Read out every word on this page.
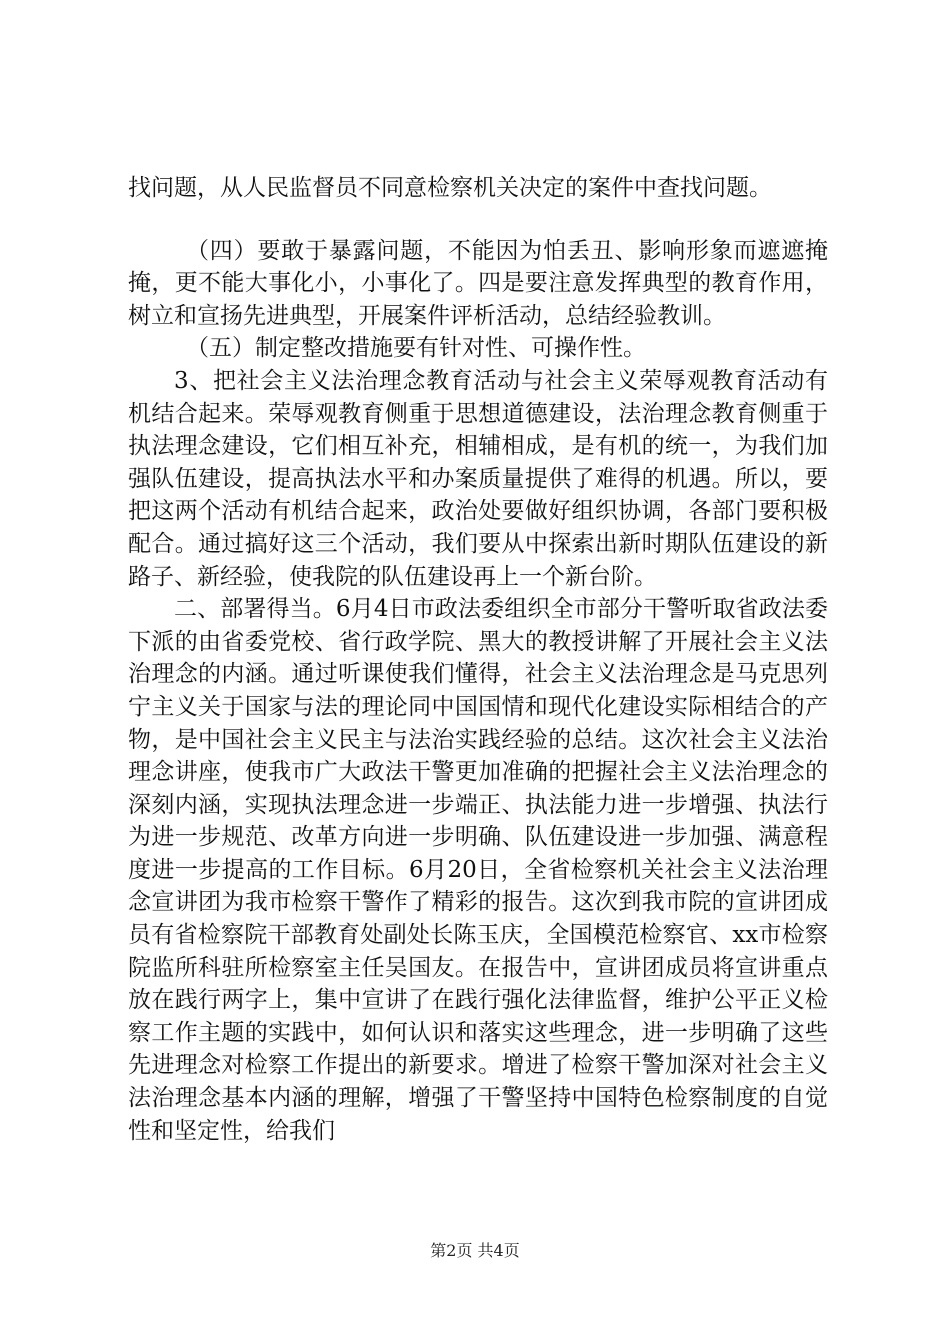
找问题，从人民监督员不同意检察机关决定的案件中查找问题。

（四）要敢于暴露问题，不能因为怕丢丑、影响形象而遮遮掩掩，更不能大事化小，小事化了。四是要注意发挥典型的教育作用，树立和宣扬先进典型，开展案件评析活动，总结经验教训。

（五）制定整改措施要有针对性、可操作性。

3、把社会主义法治理念教育活动与社会主义荣辱观教育活动有机结合起来。荣辱观教育侧重于思想道德建设，法治理念教育侧重于执法理念建设，它们相互补充，相辅相成，是有机的统一，为我们加强队伍建设，提高执法水平和办案质量提供了难得的机遇。所以，要把这两个活动有机结合起来，政治处要做好组织协调，各部门要积极配合。通过搞好这三个活动，我们要从中探索出新时期队伍建设的新路子、新经验，使我院的队伍建设再上一个新台阶。

二、部署得当。6月4日市政法委组织全市部分干警听取省政法委下派的由省委党校、省行政学院、黑大的教授讲解了开展社会主义法治理念的内涵。通过听课使我们懂得，社会主义法治理念是马克思列宁主义关于国家与法的理论同中国国情和现代化建设实际相结合的产物，是中国社会主义民主与法治实践经验的总结。这次社会主义法治理念讲座，使我市广大政法干警更加准确的把握社会主义法治理念的深刻内涵，实现执法理念进一步端正、执法能力进一步增强、执法行为进一步规范、改革方向进一步明确、队伍建设进一步加强、满意程度进一步提高的工作目标。6月20日，全省检察机关社会主义法治理念宣讲团为我市检察干警作了精彩的报告。这次到我市院的宣讲团成员有省检察院干部教育处副处长陈玉庆，全国模范检察官、xx市检察院监所科驻所检察室主任吴国友。在报告中，宣讲团成员将宣讲重点放在践行两字上，集中宣讲了在践行强化法律监督，维护公平正义检察工作主题的实践中，如何认识和落实这些理念，进一步明确了这些先进理念对检察工作提出的新要求。增进了检察干警加深对社会主义法治理念基本内涵的理解，增强了干警坚持中国特色检察制度的自觉性和坚定性，给我们

第2页 共4页
